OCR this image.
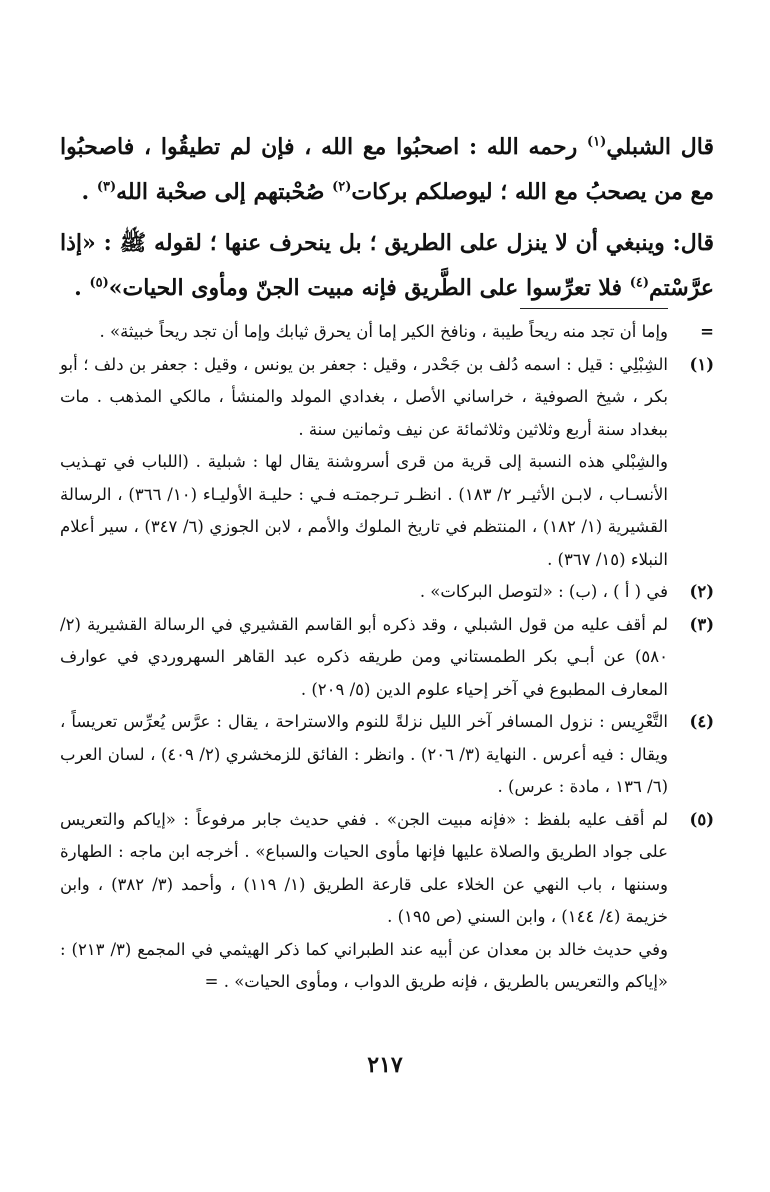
قال الشبلي$^{(١)}$ رحمه الله : اصحبُوا مع الله ، فإن لم تطيقُوا ، فاصحبُوا مع من يصحبُ مع الله ؛ ليوصلكم بركات$^{(٢)}$ صُحْبتهم إلى صحْبة الله$^{(٣)}$ .

قال: وينبغي أن لا ينزل على الطريق ؛ بل ينحرف عنها ؛ لقوله ﷺ : «إذا عرَّسْتم$^{(٤)}$ فلا تعرِّسوا على الطَّريق فإنه مبيت الجنّ ومأوى الحيات»$^{(٥)}$ .

=

وإما أن تجد منه ريحاً طيبة ، ونافخ الكير إما أن يحرق ثيابك وإما أن تجد ريحاً خبيثة» .

(١)

الشِبْلِي : قيل : اسمه دُلف بن جَحْدر ، وقيل : جعفر بن يونس ، وقيل : جعفر بن دلف ؛ أبو بكر ، شيخ الصوفية ، خراساني الأصل ، بغدادي المولد والمنشأ ، مالكي المذهب . مات ببغداد سنة أربع وثلاثين وثلاثمائة عن نيف وثمانين سنة .

والشِبْلي هذه النسبة إلى قرية من قرى أسروشنة يقال لها : شبلية . (اللباب في تهـذيب الأنسـاب ، لابـن الأثيـر ٢/ ١٨٣) . انظـر تـرجمتـه فـي : حليـة الأوليـاء (١٠/ ٣٦٦) ، الرسالة القشيرية (١/ ١٨٢) ، المنتظم في تاريخ الملوك والأمم ، لابن الجوزي (٦/ ٣٤٧) ، سير أعلام النبلاء (١٥/ ٣٦٧) .

(٢)

في ( أ ) ، (ب) : «لتوصل البركات» .

(٣)

لم أقف عليه من قول الشبلي ، وقد ذكره أبو القاسم القشيري في الرسالة القشيرية (٢/ ٥٨٠) عن أبـي بكر الطمستاني ومن طريقه ذكره عبد القاهر السهروردي في عوارف المعارف المطبوع في آخر إحياء علوم الدين (٥/ ٢٠٩) .

(٤)

التَّعْرِيس : نزول المسافر آخر الليل نزلةً للنوم والاستراحة ، يقال : عرَّس يُعرِّس تعريساً ، ويقال : فيه أعرس . النهاية (٣/ ٢٠٦) . وانظر : الفائق للزمخشري (٢/ ٤٠٩) ، لسان العرب (٦/ ١٣٦ ، مادة : عرس) .

(٥)

لم أقف عليه بلفظ : «فإنه مبيت الجن» . ففي حديث جابر مرفوعاً : «إياكم والتعريس على جواد الطريق والصلاة عليها فإنها مأوى الحيات والسباع» . أخرجه ابن ماجه : الطهارة وسننها ، باب النهي عن الخلاء على قارعة الطريق (١/ ١١٩) ، وأحمد (٣/ ٣٨٢) ، وابن خزيمة (٤/ ١٤٤) ، وابن السني (ص ١٩٥) .

وفي حديث خالد بن معدان عن أبيه عند الطبراني كما ذكر الهيثمي في المجمع (٣/ ٢١٣) : «إياكم والتعريس بالطريق ، فإنه طريق الدواب ، ومأوى الحيات» . =

٢١٧
